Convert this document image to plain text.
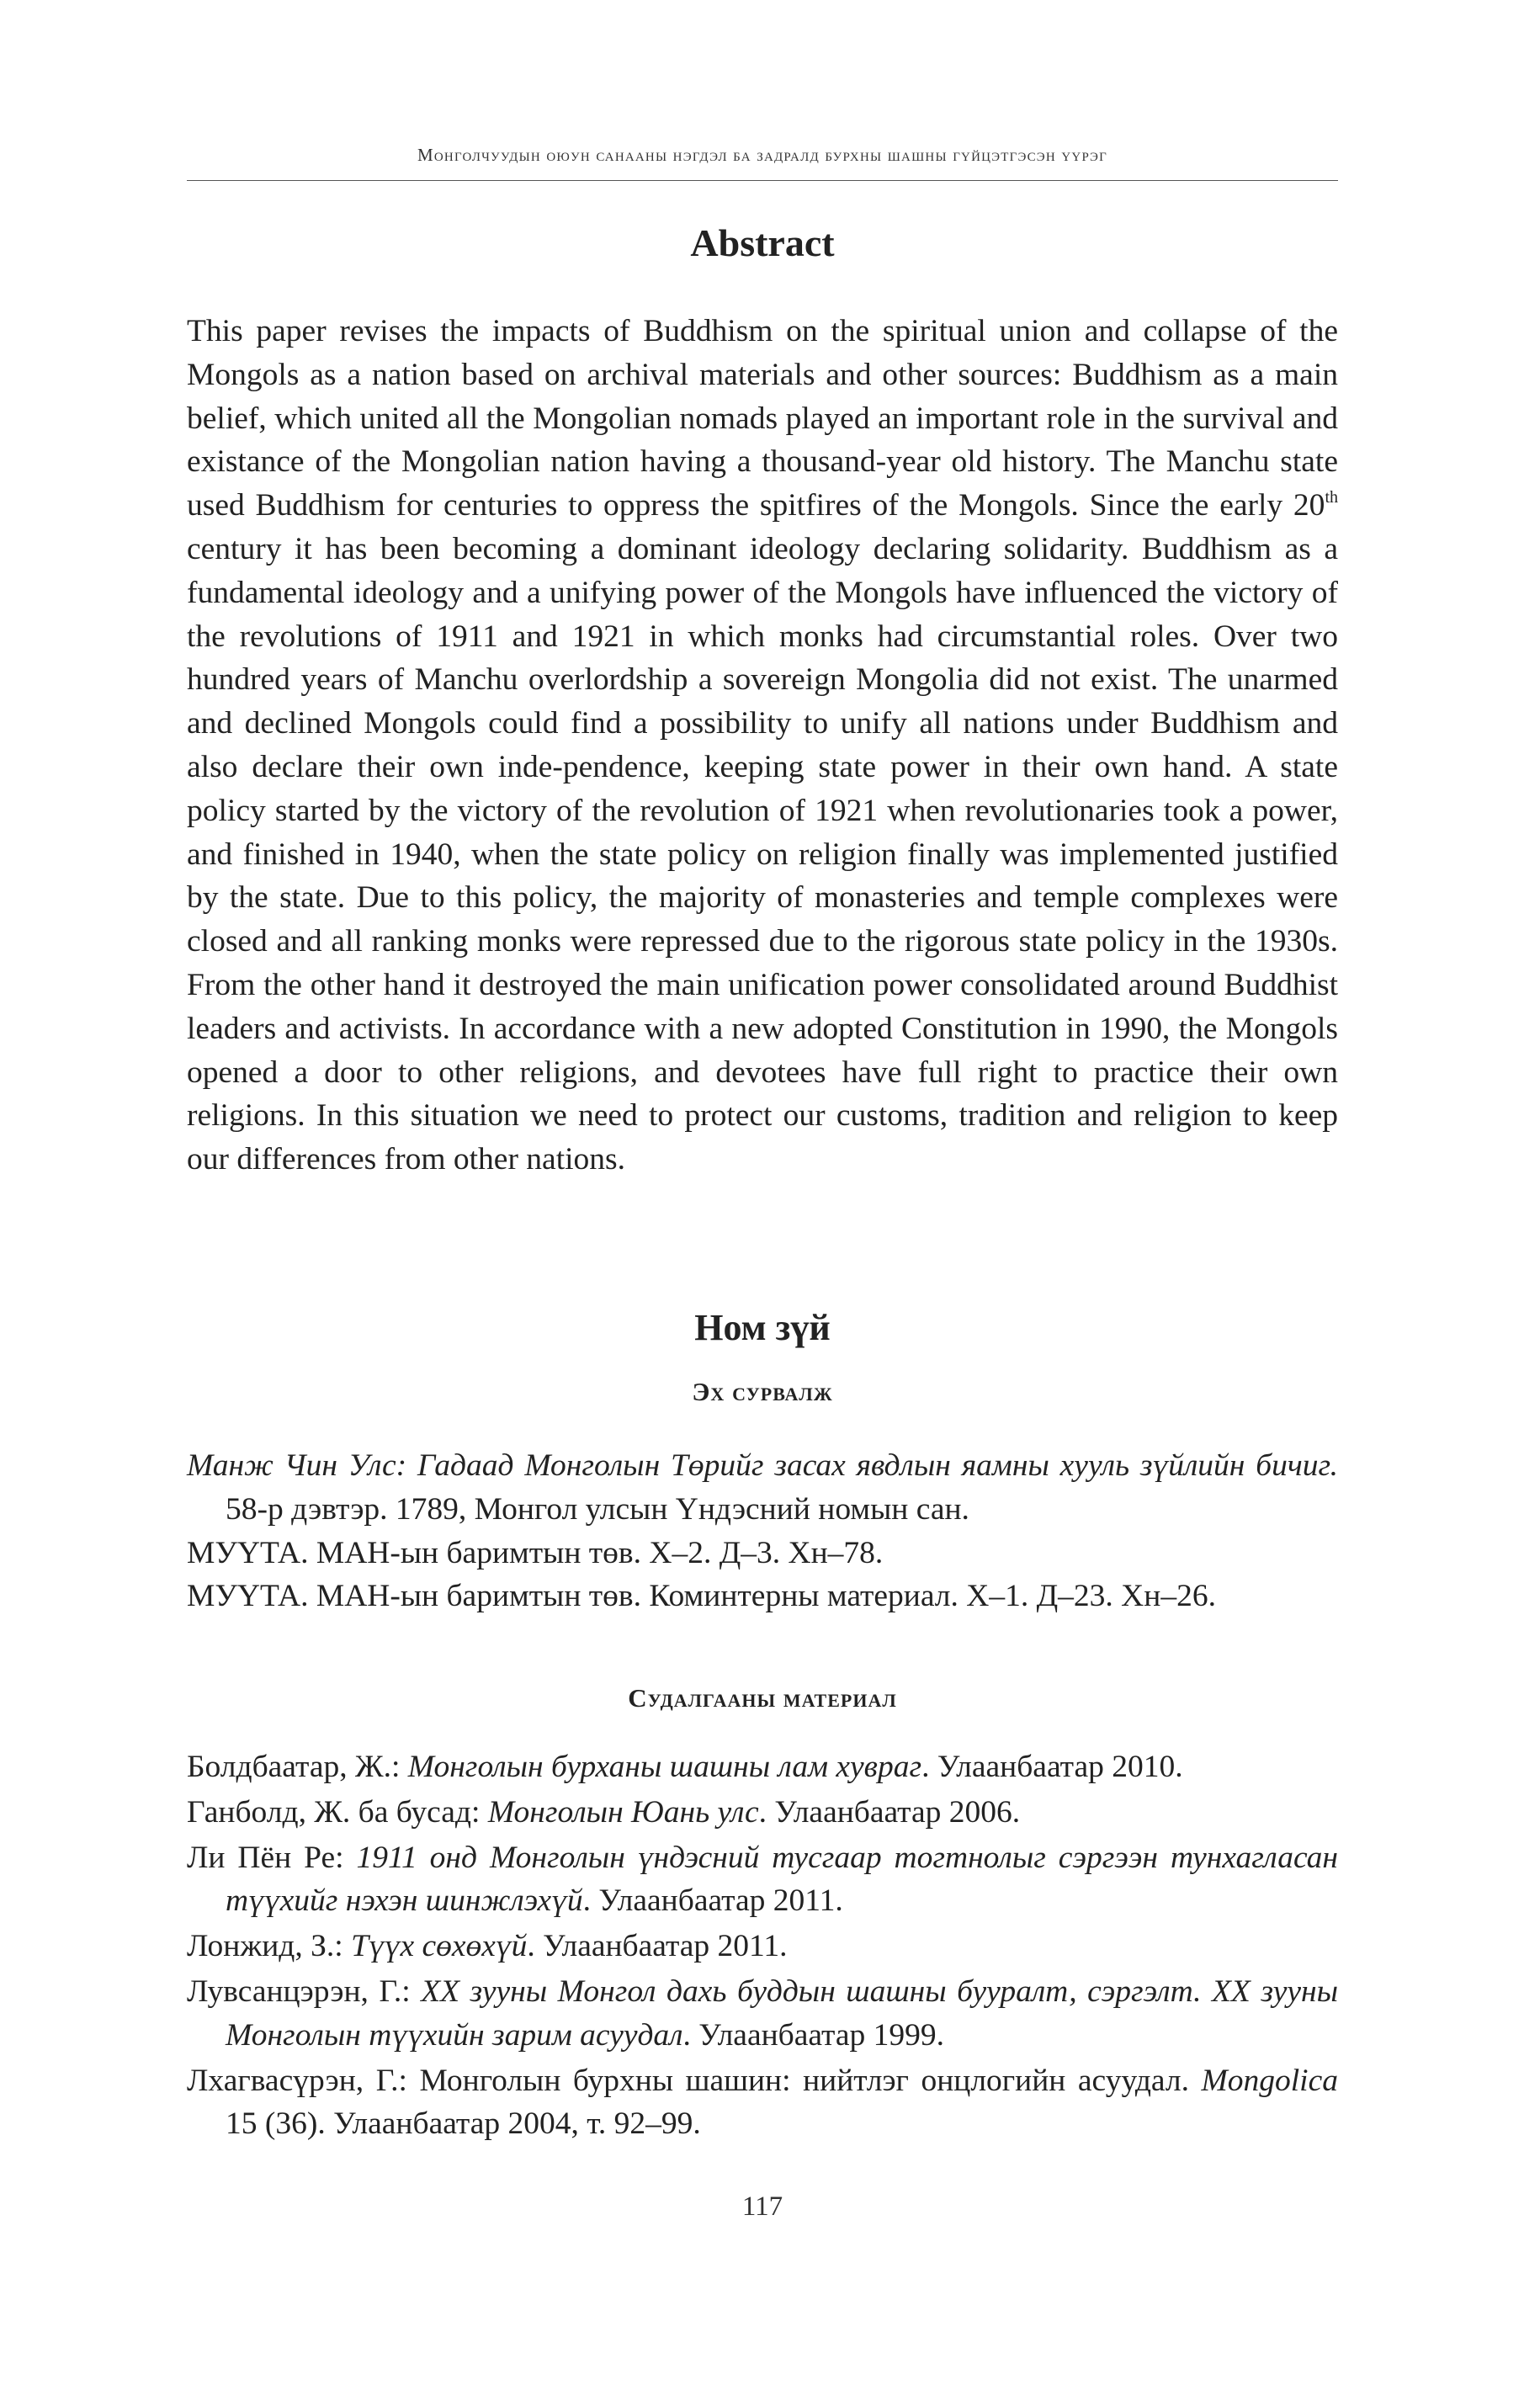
Монголчуудын оюун санааны нэгдэл ба задралд бурхны шашны гүйцэтгэсэн үүрэг
Abstract

This paper revises the impacts of Buddhism on the spiritual union and collapse of the Mongols as a nation based on archival materials and other sources: Buddhism as a main belief, which united all the Mongolian nomads played an important role in the survival and existance of the Mongolian nation having a thousand-year old history. The Manchu state used Buddhism for centuries to oppress the spitfires of the Mongols. Since the early 20th century it has been becoming a dominant ideology declaring solidarity. Buddhism as a fundamental ideology and a unifying power of the Mongols have influenced the victory of the revolutions of 1911 and 1921 in which monks had circumstantial roles. Over two hundred years of Manchu overlordship a sovereign Mongolia did not exist. The unarmed and declined Mongols could find a possibility to unify all nations under Buddhism and also declare their own inde-pendence, keeping state power in their own hand. A state policy started by the victory of the revolution of 1921 when revolutionaries took a power, and finished in 1940, when the state policy on religion finally was implemented justified by the state. Due to this policy, the majority of monasteries and temple complexes were closed and all ranking monks were repressed due to the rigorous state policy in the 1930s. From the other hand it destroyed the main unification power consolidated around Buddhist leaders and activists. In accordance with a new adopted Constitution in 1990, the Mongols opened a door to other religions, and devotees have full right to practice their own religions. In this situation we need to protect our customs, tradition and religion to keep our differences from other nations.

Ном зүй
Эх сурвалж
Манж Чин Улс: Гадаад Монголын Төрийг засах явдлын яамны хууль зүйлийн бичиг. 58-р дэвтэр. 1789, Монгол улсын Үндэсний номын сан.
МУҮТА. МАН-ын баримтын төв. Х–2. Д–3. Хн–78.
МУҮТА. МАН-ын баримтын төв. Коминтерны материал. Х–1. Д–23. Хн–26.
Судалгааны материал
Болдбаатар, Ж.: Монголын бурханы шашны лам хувраг. Улаанбаатар 2010.
Ганболд, Ж. ба бусад: Монголын Юань улс. Улаанбаатар 2006.
Ли Пён Ре: 1911 онд Монголын үндэсний тусгаар тогтнолыг сэргээн тунхагласан түүхийг нэхэн шинжлэхүй. Улаанбаатар 2011.
Лонжид, З.: Түүх сөхөхүй. Улаанбаатар 2011.
Лувсанцэрэн, Г.: XX зууны Монгол дахь буддын шашны бууралт, сэргэлт. XX зууны Монголын түүхийн зарим асуудал. Улаанбаатар 1999.
Лхагвасүрэн, Г.: Монголын бурхны шашин: нийтлэг онцлогийн асуудал. Mongolica 15 (36). Улаанбаатар 2004, т. 92–99.
117
